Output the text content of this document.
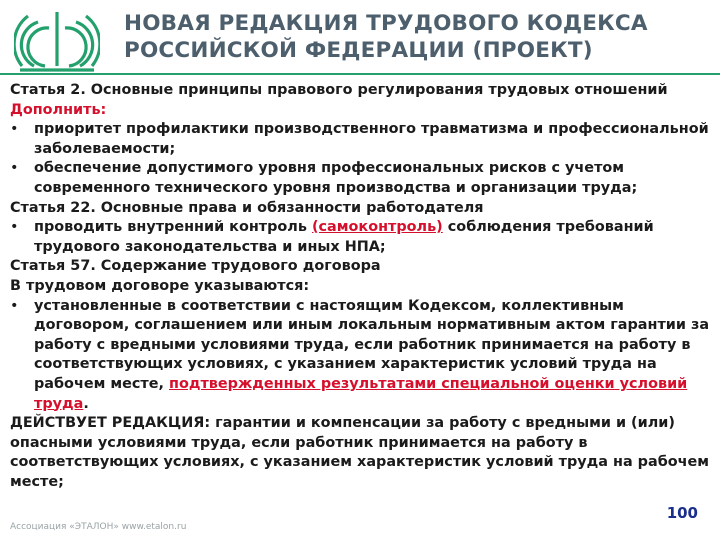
НОВАЯ РЕДАКЦИЯ ТРУДОВОГО КОДЕКСА
РОССИЙСКОЙ ФЕДЕРАЦИИ (ПРОЕКТ)

Статья 2. Основные принципы правового регулирования трудовых отношений

Дополнить:

• приоритет профилактики производственного травматизма и профессиональной заболеваемости;
• обеспечение допустимого уровня профессиональных рисков с учетом современного технического уровня производства и организации труда;

Статья 22. Основные права и обязанности работодателя

• проводить внутренний контроль (самоконтроль) соблюдения требований трудового законодательства и иных НПА;

Статья 57. Содержание трудового договора

В трудовом договоре указываются:

• установленные в соответствии с настоящим Кодексом, коллективным договором, соглашением или иным локальным нормативным актом гарантии за работу с вредными условиями труда, если работник принимается на работу в соответствующих условиях, с указанием характеристик условий труда на рабочем месте, подтвержденных результатами специальной оценки условий труда.

ДЕЙСТВУЕТ РЕДАКЦИЯ: гарантии и компенсации за работу с вредными и (или) опасными условиями труда, если работник принимается на работу в соответствующих условиях, с указанием характеристик условий труда на рабочем месте;

Ассоциация «ЭТАЛОН» www.etalon.ru
100
